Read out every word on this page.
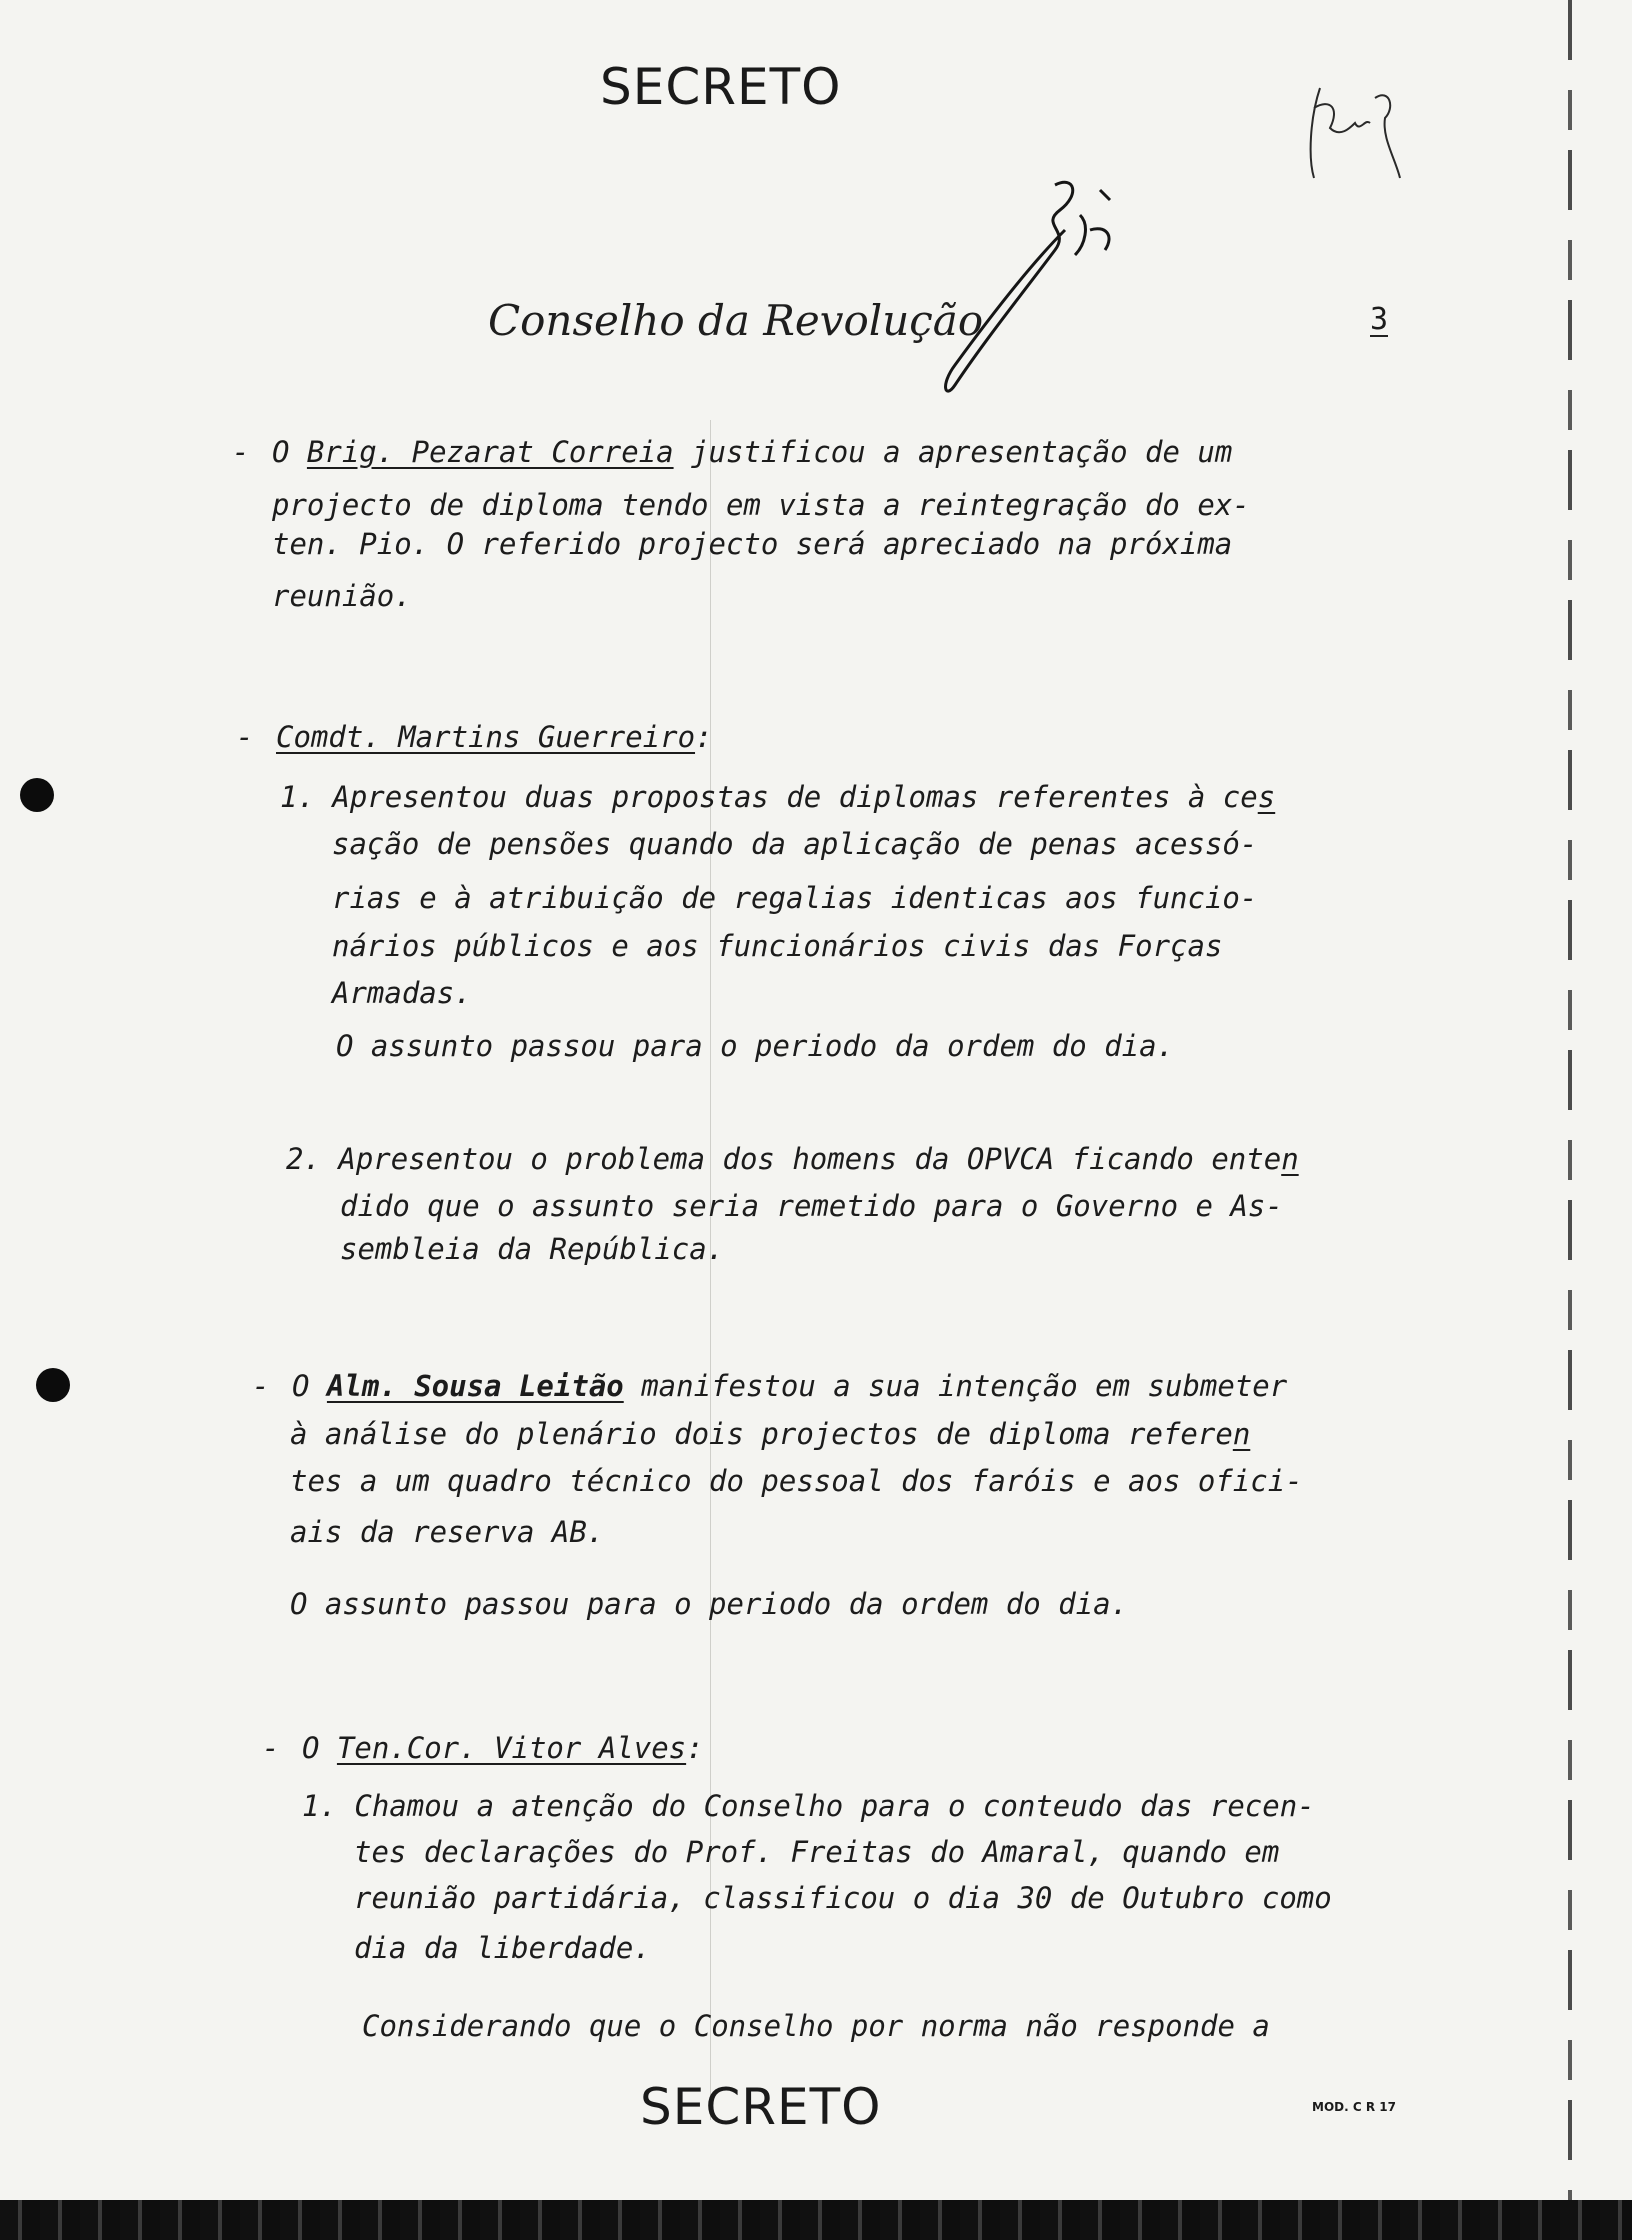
SECRETO
Conselho da Revolução	3

- O Brig. Pezarat Correia justificou a apresentação de um

projecto de diploma tendo em vista a reintegração do ex-

ten. Pio. O referido projecto será apreciado na próxima

reunião.

- Comdt. Martins Guerreiro:

1. Apresentou duas propostas de diplomas referentes à ces

sação de pensões quando da aplicação de penas acessó-

rias e à atribuição de regalias identicas aos funcio-

nários públicos e aos funcionários civis das Forças

Armadas.

O assunto passou para o periodo da ordem do dia.

2. Apresentou o problema dos homens da OPVCA ficando enten

dido que o assunto seria remetido para o Governo e As-

sembleia da República.

- O Alm. Sousa Leitão manifestou a sua intenção em submeter

à análise do plenário dois projectos de diploma referen

tes a um quadro técnico do pessoal dos faróis e aos ofici-

ais da reserva AB.

O assunto passou para o periodo da ordem do dia.

- O Ten.Cor. Vitor Alves:

1. Chamou a atenção do Conselho para o conteudo das recen-

tes declarações do Prof. Freitas do Amaral, quando em

reunião partidária, classificou o dia 30 de Outubro como

dia da liberdade.

Considerando que o Conselho por norma não responde a

SECRETO	MOD. C R 17
